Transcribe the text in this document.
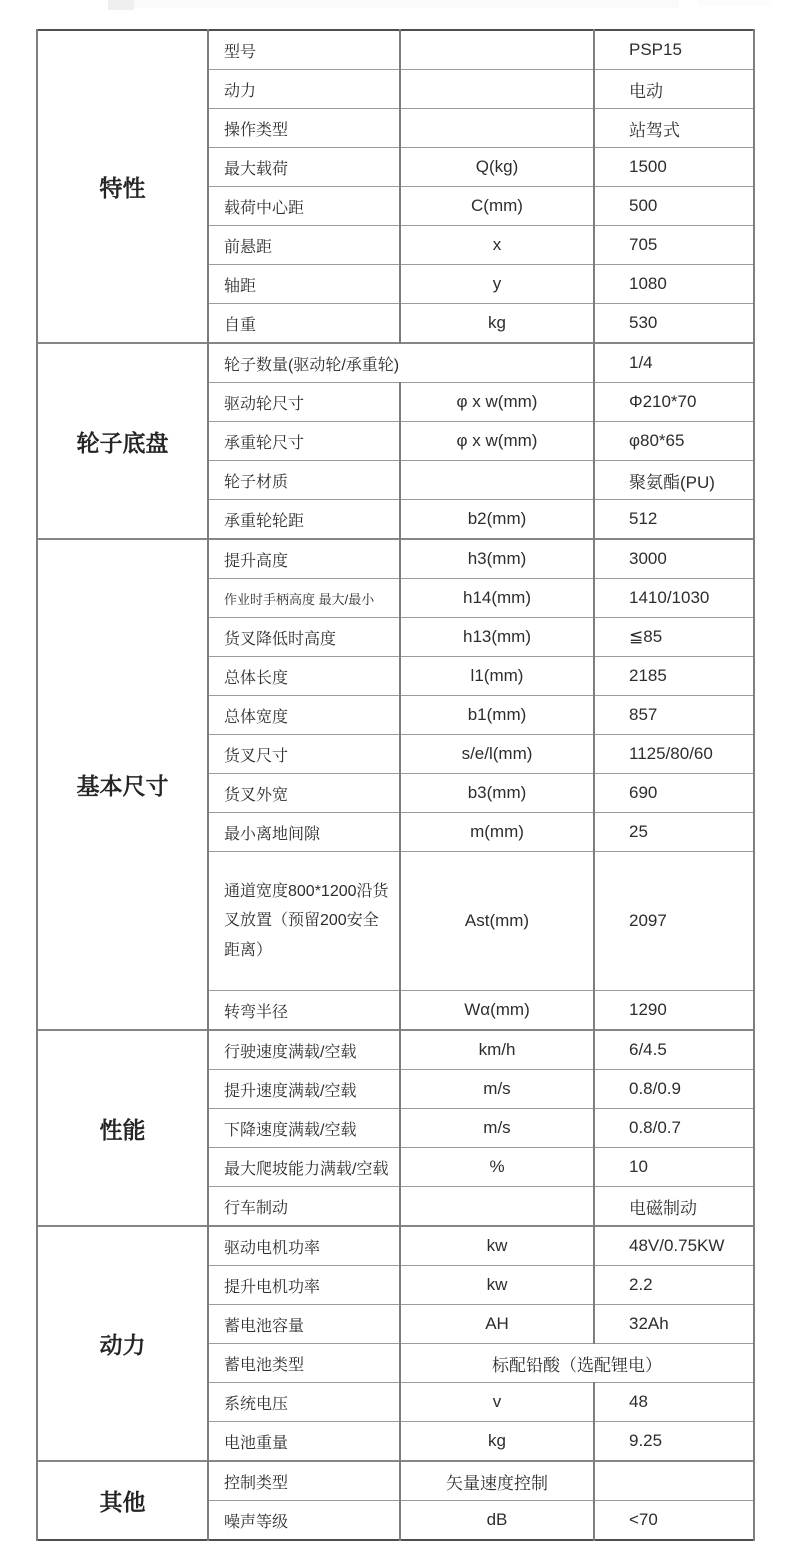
特性	型号		PSP15
	动力		电动
	操作类型		站驾式
	最大载荷	Q(kg)	1500
	载荷中心距	C(mm)	500
	前悬距	x	705
	轴距	y	1080
	自重	kg	530
轮子底盘	轮子数量(驱动轮/承重轮)		1/4
	驱动轮尺寸	φ x w(mm)	Φ210*70
	承重轮尺寸	φ x w(mm)	φ80*65
	轮子材质		聚氨酯(PU)
	承重轮轮距	b2(mm)	512
基本尺寸	提升高度	h3(mm)	3000
	作业时手柄高度 最大/最小	h14(mm)	1410/1030
	货叉降低时高度	h13(mm)	≦85
	总体长度	l1(mm)	2185
	总体宽度	b1(mm)	857
	货叉尺寸	s/e/l(mm)	1125/80/60
	货叉外宽	b3(mm)	690
	最小离地间隙	m(mm)	25
	通道宽度800*1200沿货叉放置（预留200安全距离）	Ast(mm)	2097
	转弯半径	Wα(mm)	1290
性能	行驶速度满载/空载	km/h	6/4.5
	提升速度满载/空载	m/s	0.8/0.9
	下降速度满载/空载	m/s	0.8/0.7
	最大爬坡能力满载/空载	%	10
	行车制动		电磁制动
动力	驱动电机功率	kw	48V/0.75KW
	提升电机功率	kw	2.2
	蓄电池容量	AH	32Ah
	蓄电池类型	标配铅酸（选配锂电）	
	系统电压	v	48
	电池重量	kg	9.25
其他	控制类型	矢量速度控制	
	噪声等级	dB	<70
